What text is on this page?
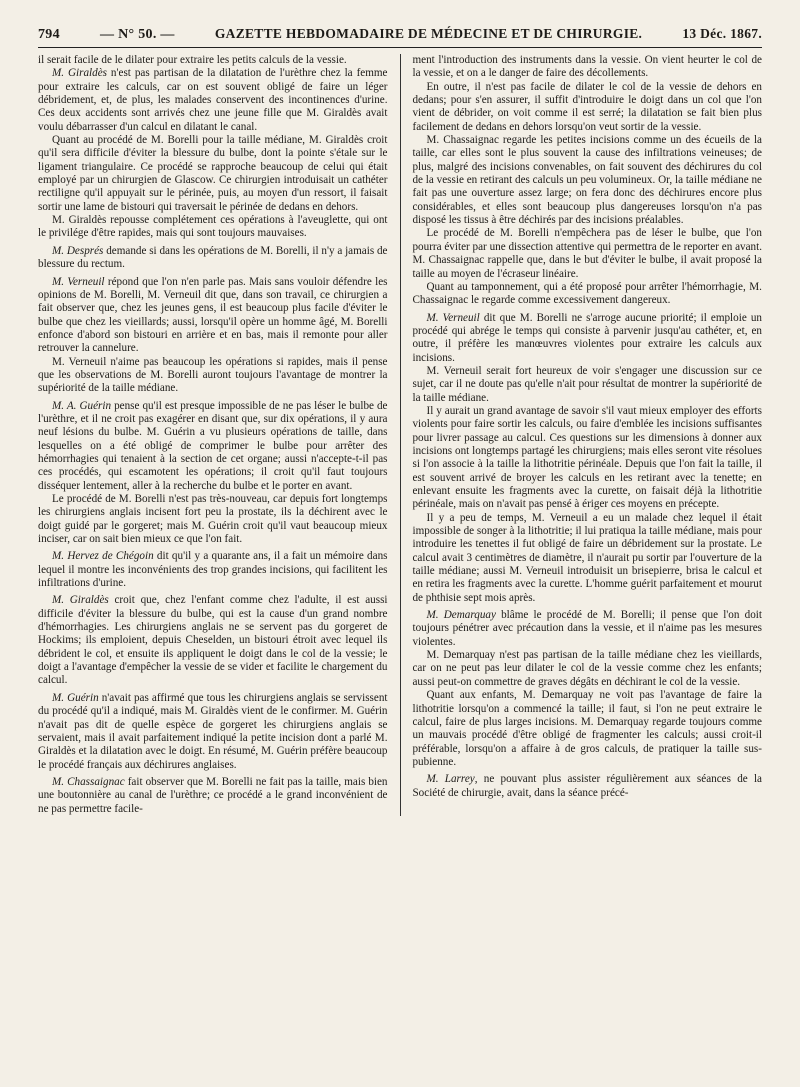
794	— N° 50. —	GAZETTE HEBDOMADAIRE DE MÉDECINE ET DE CHIRURGIE.	13 Déc. 1867.

il serait facile de le dilater pour extraire les petits calculs de la vessie.

M. Giraldès n'est pas partisan de la dilatation de l'urèthre chez la femme pour extraire les calculs, car on est souvent obligé de faire un léger débridement, et, de plus, les malades conservent des incontinences d'urine. Ces deux accidents sont arrivés chez une jeune fille que M. Giraldès avait voulu débarrasser d'un calcul en dilatant le canal.

Quant au procédé de M. Borelli pour la taille médiane, M. Giraldès croit qu'il sera difficile d'éviter la blessure du bulbe, dont la pointe s'étale sur le ligament triangulaire. Ce procédé se rapproche beaucoup de celui qui était employé par un chirurgien de Glascow. Ce chirurgien introduisait un cathéter rectiligne qu'il appuyait sur le périnée, puis, au moyen d'un ressort, il faisait sortir une lame de bistouri qui traversait le périnée de dedans en dehors.

M. Giraldès repousse complétement ces opérations à l'aveuglette, qui ont le privilége d'être rapides, mais qui sont toujours mauvaises.

M. Després demande si dans les opérations de M. Borelli, il n'y a jamais de blessure du rectum.

M. Verneuil répond que l'on n'en parle pas. Mais sans vouloir défendre les opinions de M. Borelli, M. Verneuil dit que, dans son travail, ce chirurgien a fait observer que, chez les jeunes gens, il est beaucoup plus facile d'éviter le bulbe que chez les vieillards; aussi, lorsqu'il opère un homme âgé, M. Borelli enfonce d'abord son bistouri en arrière et en bas, mais il remonte pour aller retrouver la cannelure.

M. Verneuil n'aime pas beaucoup les opérations si rapides, mais il pense que les observations de M. Borelli auront toujours l'avantage de montrer la supériorité de la taille médiane.

M. A. Guérin pense qu'il est presque impossible de ne pas léser le bulbe de l'urèthre, et il ne croit pas exagérer en disant que, sur dix opérations, il y aura neuf lésions du bulbe. M. Guérin a vu plusieurs opérations de taille, dans lesquelles on a été obligé de comprimer le bulbe pour arrêter des hémorrhagies qui tenaient à la section de cet organe; aussi n'accepte-t-il pas ces procédés, qui escamotent les opérations; il croit qu'il faut toujours disséquer lentement, aller à la recherche du bulbe et le porter en avant.

Le procédé de M. Borelli n'est pas très-nouveau, car depuis fort longtemps les chirurgiens anglais incisent fort peu la prostate, ils la déchirent avec le doigt guidé par le gorgeret; mais M. Guérin croit qu'il vaut beaucoup mieux inciser, car on sait bien mieux ce que l'on fait.

M. Hervez de Chégoin dit qu'il y a quarante ans, il a fait un mémoire dans lequel il montre les inconvénients des trop grandes incisions, qui facilitent les infiltrations d'urine.

M. Giraldès croit que, chez l'enfant comme chez l'adulte, il est aussi difficile d'éviter la blessure du bulbe, qui est la cause d'un grand nombre d'hémorrhagies. Les chirurgiens anglais ne se servent pas du gorgeret de Hockims; ils emploient, depuis Cheselden, un bistouri étroit avec lequel ils débrident le col, et ensuite ils appliquent le doigt dans le col de la vessie; le doigt a l'avantage d'empêcher la vessie de se vider et facilite le chargement du calcul.

M. Guérin n'avait pas affirmé que tous les chirurgiens anglais se servissent du procédé qu'il a indiqué, mais M. Giraldès vient de le confirmer. M. Guérin n'avait pas dit de quelle espèce de gorgeret les chirurgiens anglais se servaient, mais il avait parfaitement indiqué la petite incision dont a parlé M. Giraldès et la dilatation avec le doigt. En résumé, M. Guérin préfère beaucoup le procédé français aux déchirures anglaises.

M. Chassaignac fait observer que M. Borelli ne fait pas la taille, mais bien une boutonnière au canal de l'urèthre; ce procédé a le grand inconvénient de ne pas permettre facile-

ment l'introduction des instruments dans la vessie. On vient heurter le col de la vessie, et on a le danger de faire des décollements.

En outre, il n'est pas facile de dilater le col de la vessie de dehors en dedans; pour s'en assurer, il suffit d'introduire le doigt dans un col que l'on vient de débrider, on voit comme il est serré; la dilatation se fait bien plus facilement de dedans en dehors lorsqu'on veut sortir de la vessie.

M. Chassaignac regarde les petites incisions comme un des écueils de la taille, car elles sont le plus souvent la cause des infiltrations veineuses; de plus, malgré des incisions convenables, on fait souvent des déchirures du col de la vessie en retirant des calculs un peu volumineux. Or, la taille médiane ne fait pas une ouverture assez large; on fera donc des déchirures encore plus considérables, et elles sont beaucoup plus dangereuses lorsqu'on n'a pas disposé les tissus à être déchirés par des incisions préalables.

Le procédé de M. Borelli n'empêchera pas de léser le bulbe, que l'on pourra éviter par une dissection attentive qui permettra de le reporter en avant. M. Chassaignac rappelle que, dans le but d'éviter le bulbe, il avait proposé la taille au moyen de l'écraseur linéaire.

Quant au tamponnement, qui a été proposé pour arrêter l'hémorrhagie, M. Chassaignac le regarde comme excessivement dangereux.

M. Verneuil dit que M. Borelli ne s'arroge aucune priorité; il emploie un procédé qui abrége le temps qui consiste à parvenir jusqu'au cathéter, et, en outre, il préfère les manœuvres violentes pour extraire les calculs aux incisions.

M. Verneuil serait fort heureux de voir s'engager une discussion sur ce sujet, car il ne doute pas qu'elle n'ait pour résultat de montrer la supériorité de la taille médiane.

Il y aurait un grand avantage de savoir s'il vaut mieux employer des efforts violents pour faire sortir les calculs, ou faire d'emblée les incisions suffisantes pour livrer passage au calcul. Ces questions sur les dimensions à donner aux incisions ont longtemps partagé les chirurgiens; mais elles seront vite résolues si l'on associe à la taille la lithotritie périnéale. Depuis que l'on fait la taille, il est souvent arrivé de broyer les calculs en les retirant avec la tenette; en enlevant ensuite les fragments avec la curette, on faisait déjà la lithotritie périnéale, mais on n'avait pas pensé à ériger ces moyens en précepte.

Il y a peu de temps, M. Verneuil a eu un malade chez lequel il était impossible de songer à la lithotritie; il lui pratiqua la taille médiane, mais pour introduire les tenettes il fut obligé de faire un débridement sur la prostate. Le calcul avait 3 centimètres de diamètre, il n'aurait pu sortir par l'ouverture de la taille médiane; aussi M. Verneuil introduisit un brisepierre, brisa le calcul et en retira les fragments avec la curette. L'homme guérit parfaitement et mourut de phthisie sept mois après.

M. Demarquay blâme le procédé de M. Borelli; il pense que l'on doit toujours pénétrer avec précaution dans la vessie, et il n'aime pas les mesures violentes.

M. Demarquay n'est pas partisan de la taille médiane chez les vieillards, car on ne peut pas leur dilater le col de la vessie comme chez les enfants; aussi peut-on commettre de graves dégâts en déchirant le col de la vessie.

Quant aux enfants, M. Demarquay ne voit pas l'avantage de faire la lithotritie lorsqu'on a commencé la taille; il faut, si l'on ne peut extraire le calcul, faire de plus larges incisions. M. Demarquay regarde toujours comme un mauvais procédé d'être obligé de fragmenter les calculs; aussi croit-il préférable, lorsqu'on a affaire à de gros calculs, de pratiquer la taille sus-pubienne.

M. Larrey, ne pouvant plus assister régulièrement aux séances de la Société de chirurgie, avait, dans la séance précé-
